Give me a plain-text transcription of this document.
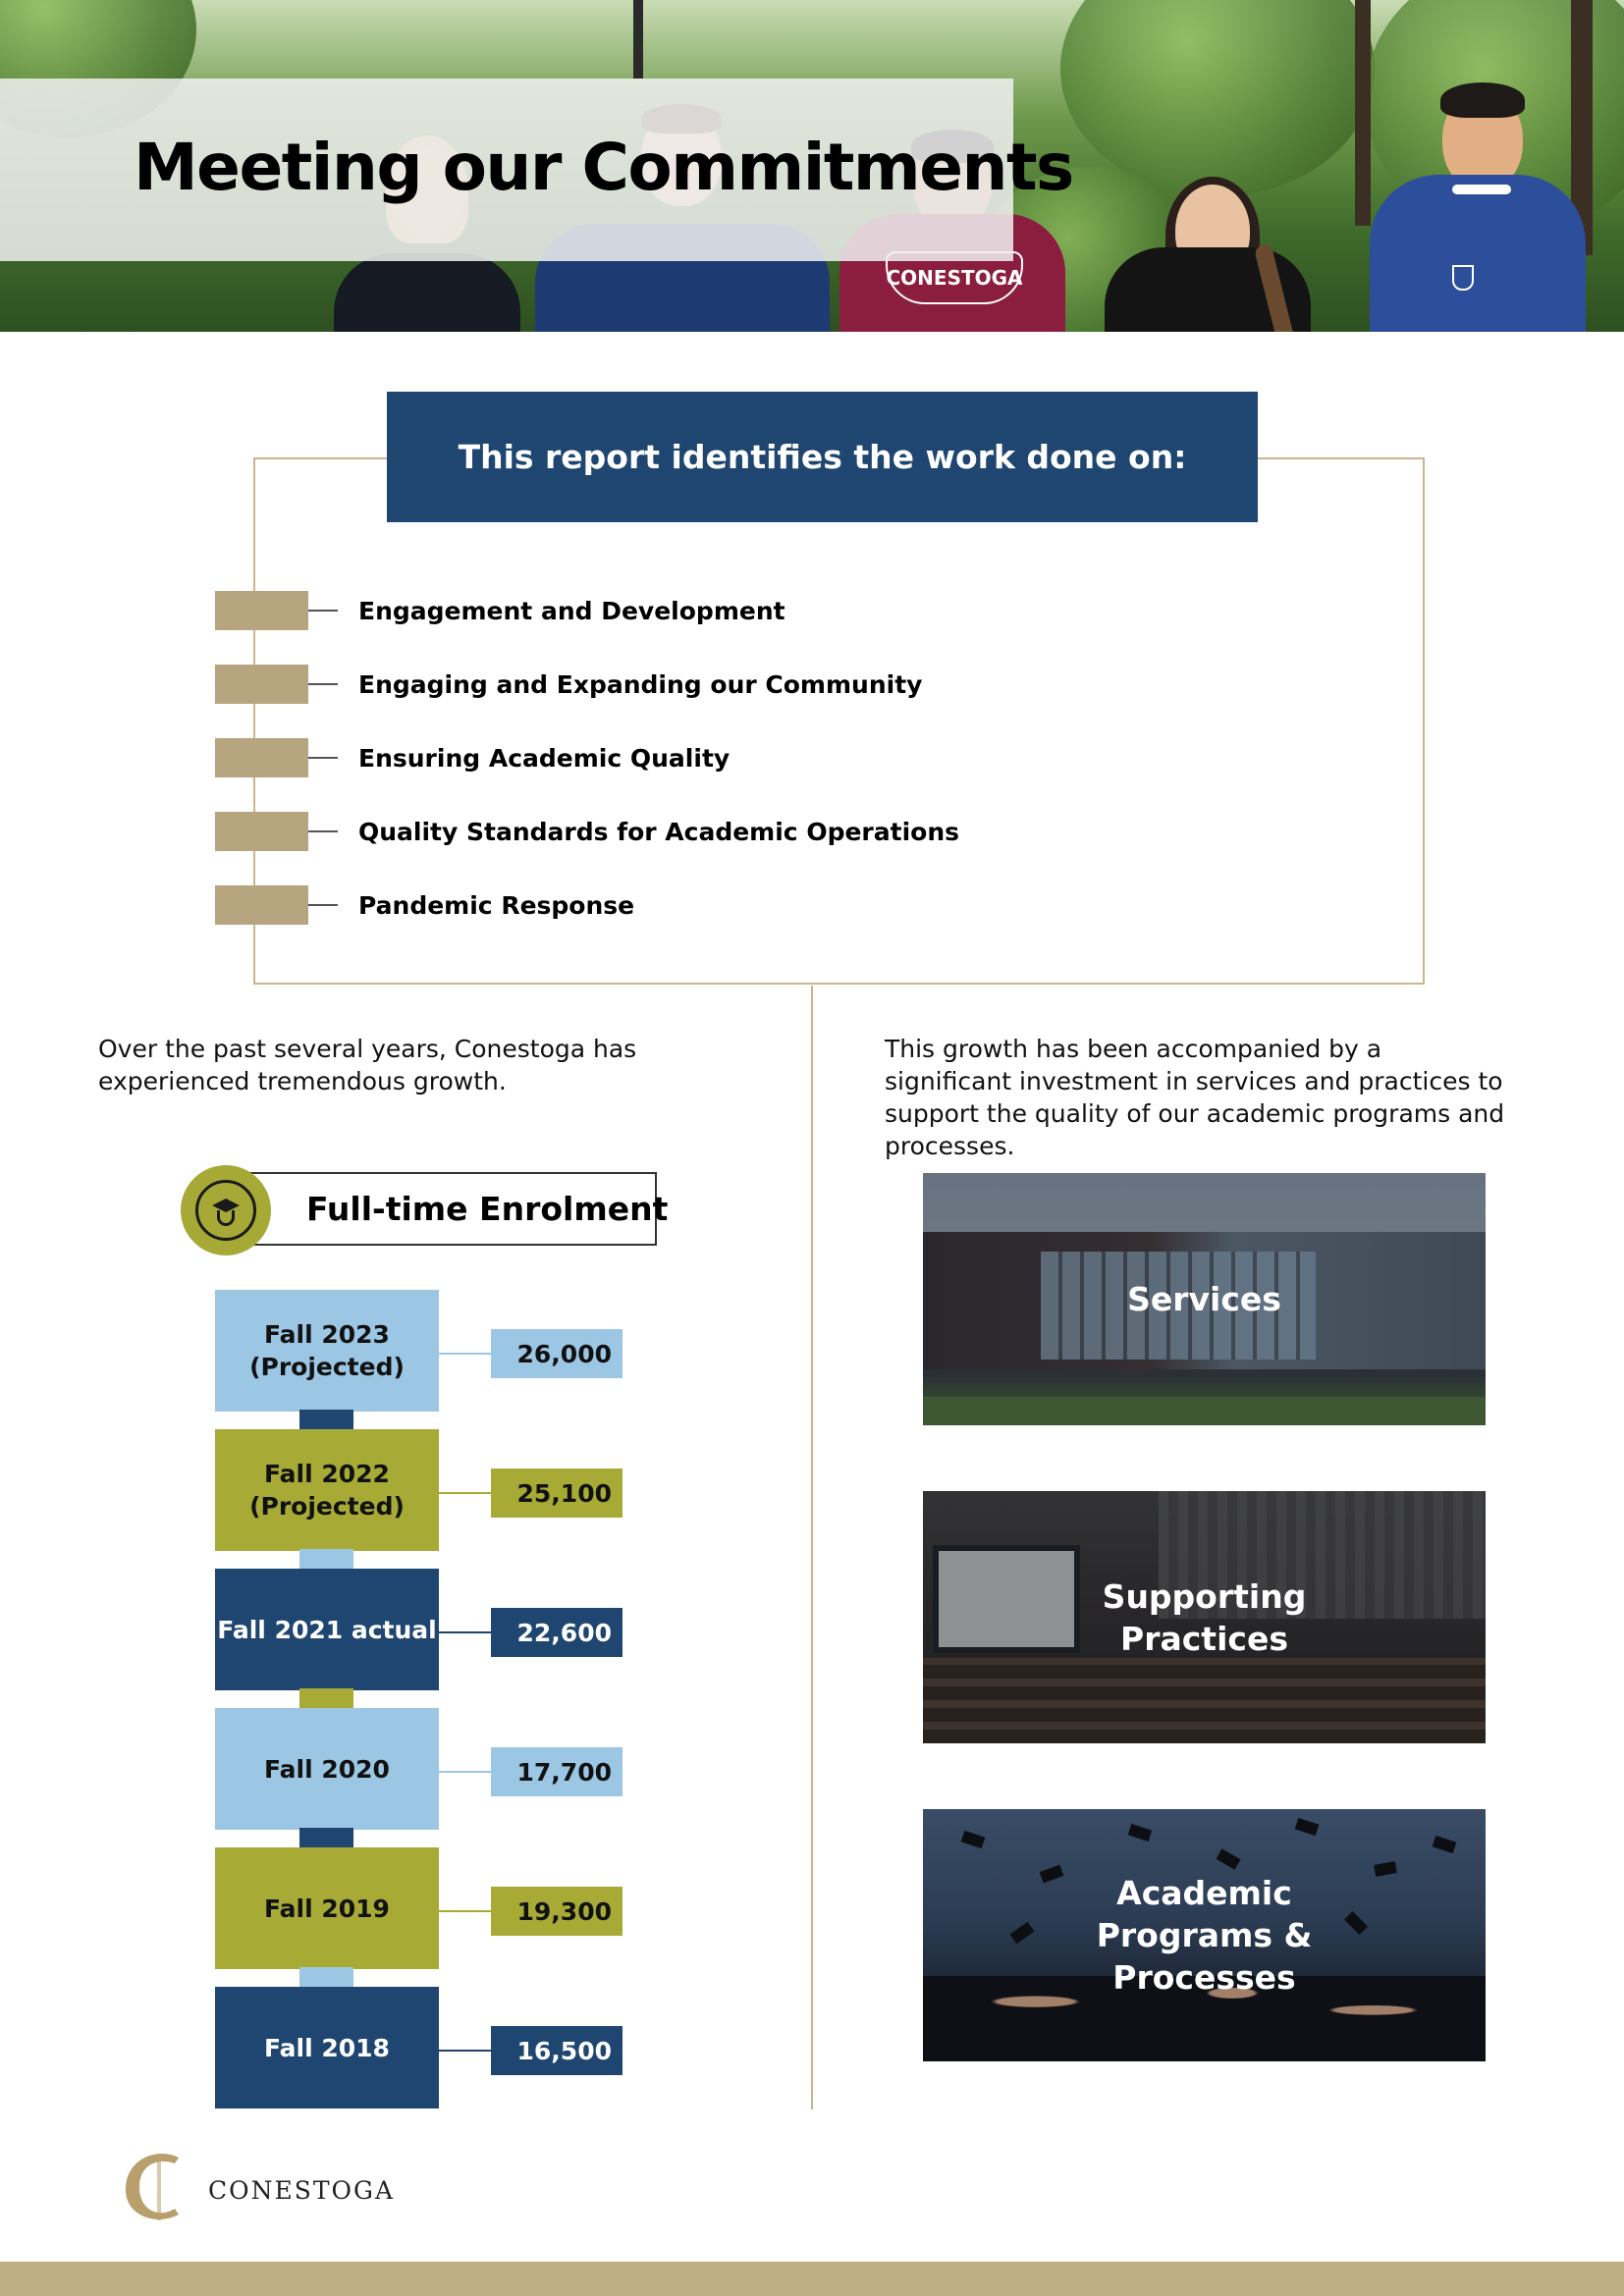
CONESTOGA
Meeting our Commitments
This report identifies the work done on:
Engagement and Development
Engaging and Expanding our Community
Ensuring Academic Quality
Quality Standards for Academic Operations
Pandemic Response

Over the past several years, Conestoga has experienced tremendous growth.

This growth has been accompanied by a significant investment in services and practices to support the quality of our academic programs and processes.

Full-time Enrolment
Fall 2023 (Projected)	26,000
Fall 2022 (Projected)	25,100
Fall 2021 actual	22,600
Fall 2020	17,700
Fall 2019	19,300
Fall 2018	16,500
Services
Supporting Practices
Academic Programs & Processes
CONESTOGA
